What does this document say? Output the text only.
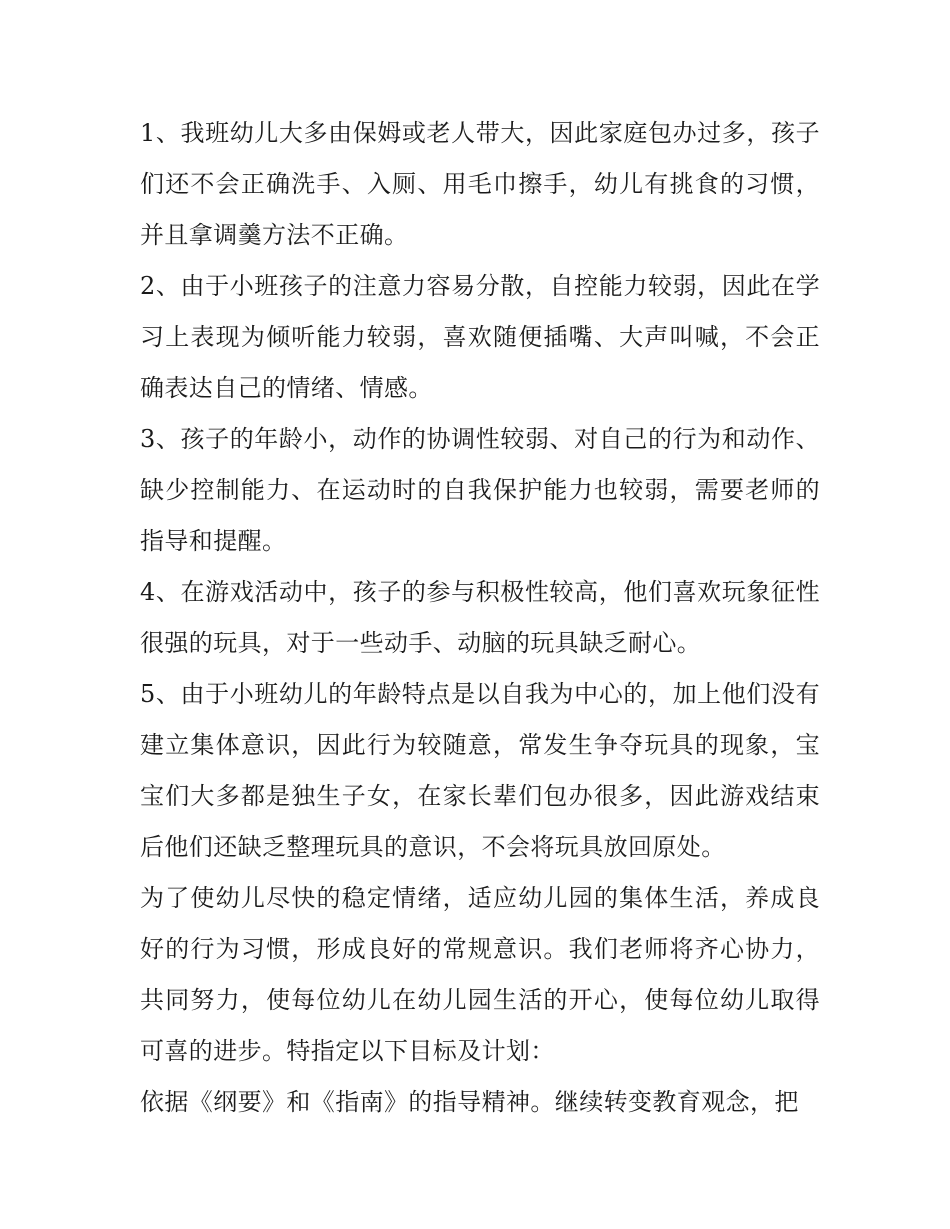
1、我班幼儿大多由保姆或老人带大，因此家庭包办过多，孩子们还不会正确洗手、入厕、用毛巾擦手，幼儿有挑食的习惯，并且拿调羹方法不正确。

2、由于小班孩子的注意力容易分散，自控能力较弱，因此在学习上表现为倾听能力较弱，喜欢随便插嘴、大声叫喊，不会正确表达自己的情绪、情感。

3、孩子的年龄小，动作的协调性较弱、对自己的行为和动作、缺少控制能力、在运动时的自我保护能力也较弱，需要老师的指导和提醒。

4、在游戏活动中，孩子的参与积极性较高，他们喜欢玩象征性很强的玩具，对于一些动手、动脑的玩具缺乏耐心。

5、由于小班幼儿的年龄特点是以自我为中心的，加上他们没有建立集体意识，因此行为较随意，常发生争夺玩具的现象，宝宝们大多都是独生子女，在家长辈们包办很多，因此游戏结束后他们还缺乏整理玩具的意识，不会将玩具放回原处。

为了使幼儿尽快的稳定情绪，适应幼儿园的集体生活，养成良好的行为习惯，形成良好的常规意识。我们老师将齐心协力，共同努力，使每位幼儿在幼儿园生活的开心，使每位幼儿取得可喜的进步。特指定以下目标及计划：

依据《纲要》和《指南》的指导精神。继续转变教育观念，把
